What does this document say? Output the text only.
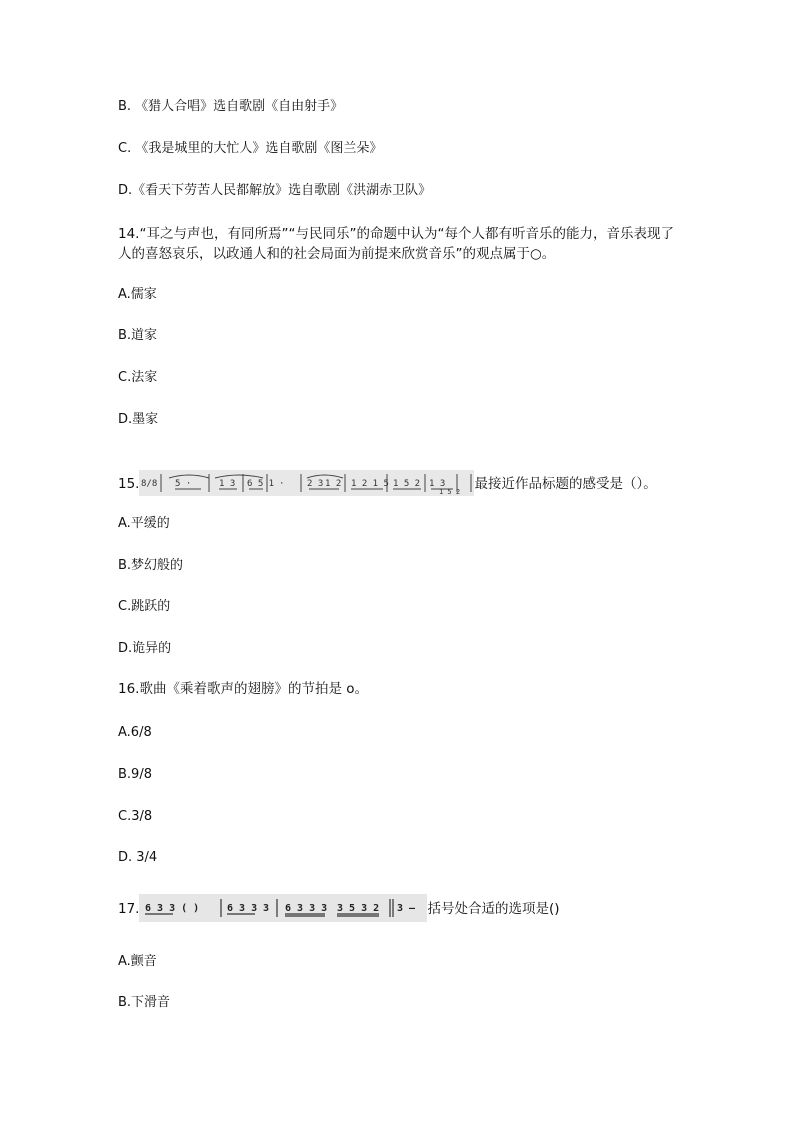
B. 《猎人合唱》选自歌剧《自由射手》
C. 《我是城里的大忙人》选自歌剧《图兰朵》
D.《看天下劳苦人民都解放》选自歌剧《洪湖赤卫队》
14.“耳之与声也，有同所焉”“与民同乐”的命题中认为“每个人都有听音乐的能力，音乐表现了人的喜怒哀乐，以政通人和的社会局面为前提来欣赏音乐”的观点属于○。
A.儒家
B.道家
C.法家
D.墨家
15. 8/8 5 ·	1 3 6 5 1 ·	2 3 1 2 1 2 1 5 1 5 2 1 3
1 5 2 最接近作品标题的感受是（）。
A.平缓的
B.梦幻般的
C.跳跃的
D.诡异的
16.歌曲《乘着歌声的翅膀》的节拍是 o。
A.6/8
B.9/8
C.3/8
D. 3/4
17. 6 3 3 ( )	6 3 3 3 6 3 3 3 3 5 3 2 3 — 括号处合适的选项是()
A.颤音
B.下滑音
